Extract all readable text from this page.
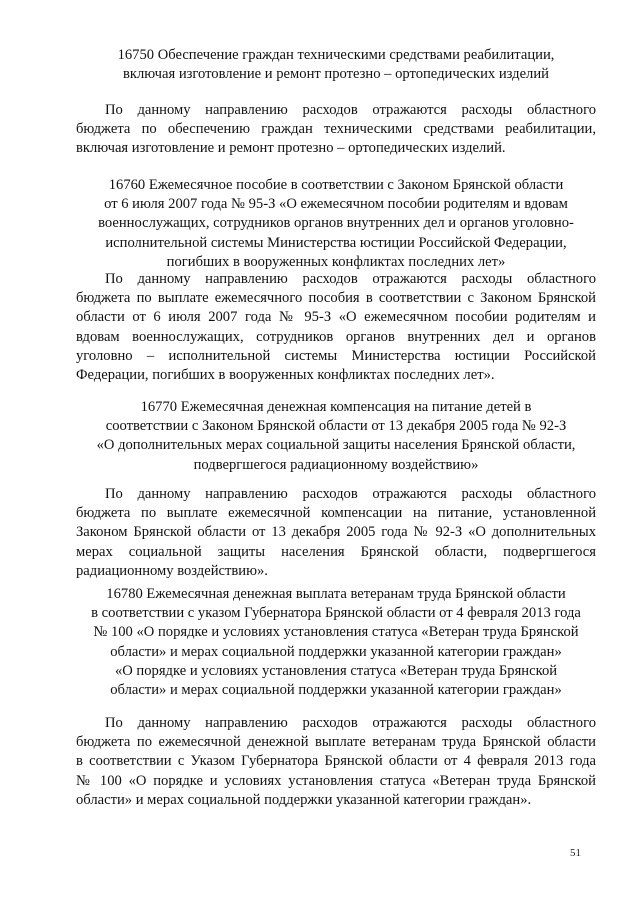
16750 Обеспечение граждан техническими средствами реабилитации,
включая изготовление и ремонт протезно – ортопедических изделий
По данному направлению расходов отражаются расходы областного
бюджета по обеспечению граждан техническими средствами реабилитации,
включая изготовление и ремонт протезно – ортопедических изделий.
16760 Ежемесячное пособие в соответствии с Законом Брянской области
от 6 июля 2007 года № 95-З «О ежемесячном пособии родителям и вдовам
военнослужащих, сотрудников органов внутренних дел и органов уголовно-
исполнительной системы Министерства юстиции Российской Федерации,
погибших в вооруженных конфликтах последних лет»
По данному направлению расходов отражаются расходы областного
бюджета по выплате ежемесячного пособия в соответствии с Законом Брянской
области от 6 июля 2007 года № 95-З «О ежемесячном пособии родителям и
вдовам военнослужащих, сотрудников органов внутренних дел и органов
уголовно – исполнительной системы Министерства юстиции Российской
Федерации, погибших в вооруженных конфликтах последних лет».
16770 Ежемесячная денежная компенсация на питание детей в
соответствии с Законом Брянской области от 13 декабря 2005 года № 92-З
«О дополнительных мерах социальной защиты населения Брянской области,
подвергшегося радиационному воздействию»
По данному направлению расходов отражаются расходы областного
бюджета по выплате ежемесячной компенсации на питание, установленной
Законом Брянской области от 13 декабря 2005 года № 92-З «О дополнительных
мерах социальной защиты населения Брянской области, подвергшегося
радиационному воздействию».
16780 Ежемесячная денежная выплата ветеранам труда Брянской области
в соответствии с указом Губернатора Брянской области от 4 февраля 2013 года
№ 100 «О порядке и условиях установления статуса «Ветеран труда Брянской
области» и мерах социальной поддержки указанной категории граждан»
«О порядке и условиях установления статуса «Ветеран труда Брянской
области» и мерах социальной поддержки указанной категории граждан»
По данному направлению расходов отражаются расходы областного
бюджета по ежемесячной денежной выплате ветеранам труда Брянской области
в соответствии с Указом Губернатора Брянской области от 4 февраля 2013 года
№ 100 «О порядке и условиях установления статуса «Ветеран труда Брянской
области» и мерах социальной поддержки указанной категории граждан».
51
